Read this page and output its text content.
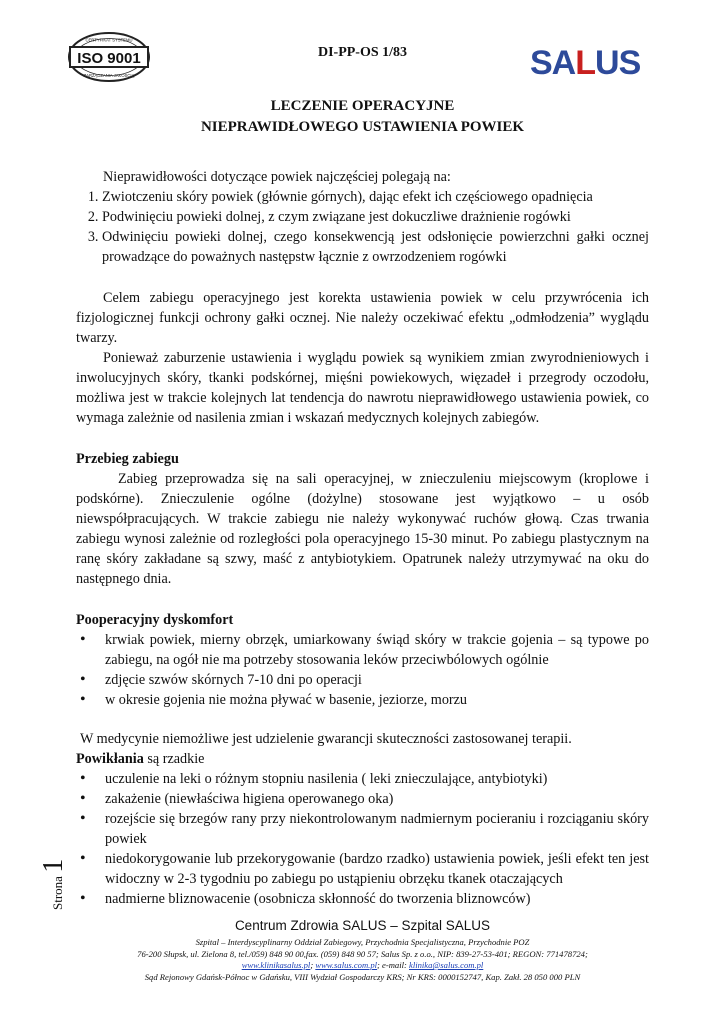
ISO 9001
CERTYFIKAT SYSTEMU
ZARZĄDZANIA JAKOŚCIĄ
DI-PP-OS 1/83	SALUS
LECZENIE OPERACYJNE
NIEPRAWIDŁOWEGO USTAWIENIA POWIEK

Nieprawidłowości dotyczące powiek najczęściej polegają na:

1. Zwiotczeniu skóry powiek (głównie górnych), dając efekt ich częściowego opadnięcia
2. Podwinięciu powieki dolnej, z czym związane jest dokuczliwe drażnienie rogówki
3. Odwinięciu powieki dolnej, czego konsekwencją jest odsłonięcie powierzchni gałki ocznej prowadzące do poważnych następstw łącznie z owrzodzeniem rogówki

Celem zabiegu operacyjnego jest korekta ustawienia powiek w celu przywrócenia ich fizjologicznej funkcji ochrony gałki ocznej. Nie należy oczekiwać efektu „odmłodzenia” wyglądu twarzy.

Ponieważ zaburzenie ustawienia i wyglądu powiek są wynikiem zmian zwyrodnieniowych i inwolucyjnych skóry, tkanki podskórnej, mięśni powiekowych, więzadeł i przegrody oczodołu, możliwa jest w trakcie kolejnych lat tendencja do nawrotu nieprawidłowego ustawienia powiek, co wymaga zależnie od nasilenia zmian i wskazań medycznych kolejnych zabiegów.

Przebieg zabiegu

Zabieg przeprowadza się na sali operacyjnej, w znieczuleniu miejscowym (kroplowe i podskórne). Znieczulenie ogólne (dożylne) stosowane jest wyjątkowo – u osób niewspółpracujących. W trakcie zabiegu nie należy wykonywać ruchów głową. Czas trwania zabiegu wynosi zależnie od rozległości pola operacyjnego 15-30 minut. Po zabiegu plastycznym na ranę skóry zakładane są szwy, maść z antybiotykiem. Opatrunek należy utrzymywać na oku do następnego dnia.

Pooperacyjny dyskomfort

• krwiak powiek, mierny obrzęk, umiarkowany świąd skóry w trakcie gojenia – są typowe po zabiegu, na ogół nie ma potrzeby stosowania leków przeciwbólowych ogólnie
• zdjęcie szwów skórnych 7-10 dni po operacji
• w okresie gojenia nie można pływać w basenie, jeziorze, morzu

W medycynie niemożliwe jest udzielenie gwarancji skuteczności zastosowanej terapii.

Powikłania są rzadkie

• uczulenie na leki o różnym stopniu nasilenia ( leki znieczulające, antybiotyki)
• zakażenie (niewłaściwa higiena operowanego oka)
• rozejście się brzegów rany przy niekontrolowanym nadmiernym pocieraniu i rozciąganiu skóry powiek
• niedokorygowanie lub przekorygowanie (bardzo rzadko) ustawienia powiek, jeśli efekt ten jest widoczny w 2-3 tygodniu po zabiegu po ustąpieniu obrzęku tkanek otaczających
• nadmierne bliznowacenie (osobnicza skłonność do tworzenia bliznowców)
Strona 1
Centrum Zdrowia SALUS – Szpital SALUS
Szpital – Interdyscyplinarny Oddział Zabiegowy, Przychodnia Specjalistyczna, Przychodnie POZ
76-200 Słupsk, ul. Zielona 8, tel./059) 848 90 00,fax. (059) 848 90 57; Salus Sp. z o.o., NIP: 839-27-53-401; REGON: 771478724;
www.klinikasalus.pl; www.salus.com.pl; e-mail: klinika@salus.com.pl
Sąd Rejonowy Gdańsk-Północ w Gdańsku, VIII Wydział Gospodarczy KRS; Nr KRS: 0000152747, Kap. Zakł. 28 050 000 PLN
